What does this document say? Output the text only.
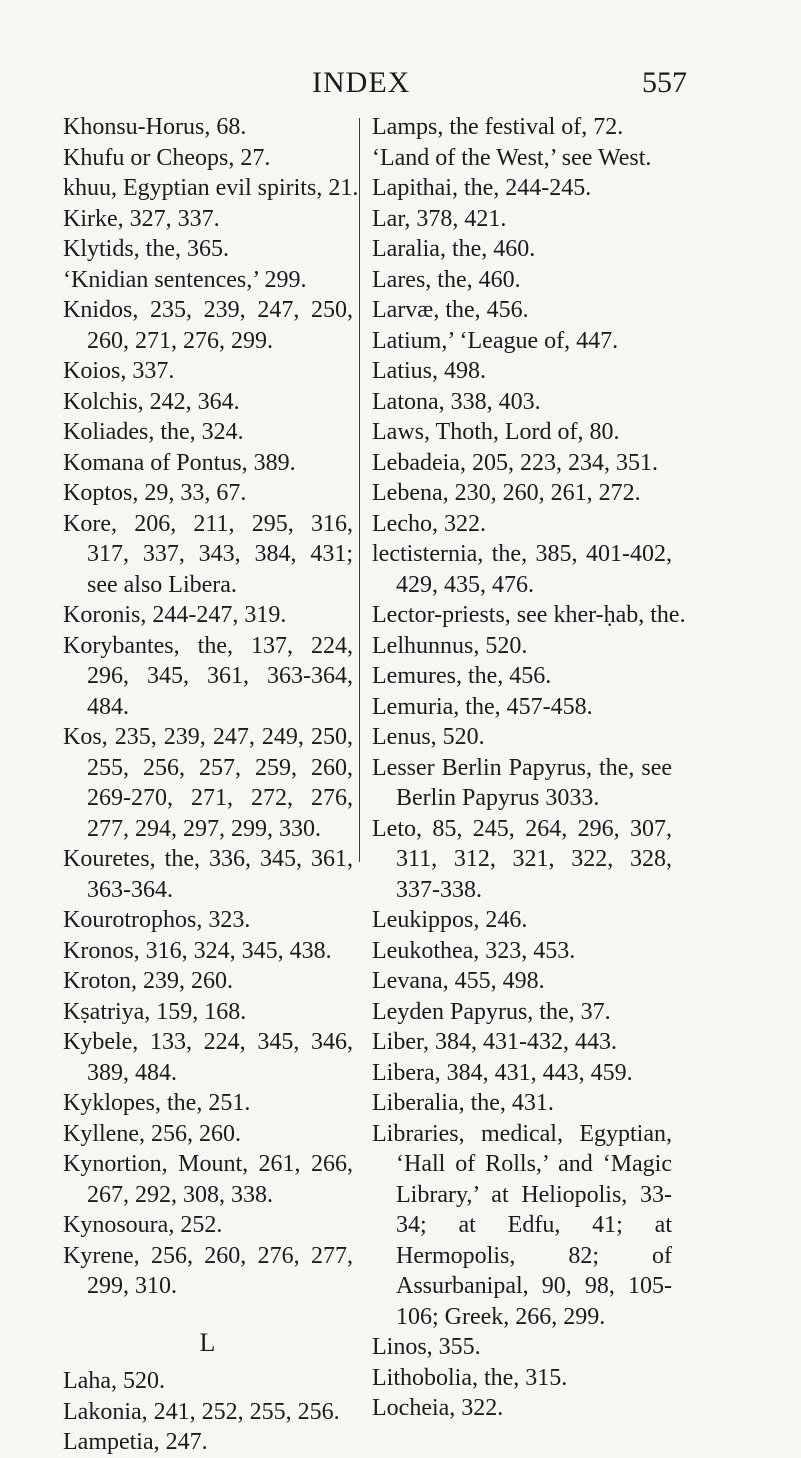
INDEX	557
Khonsu-Horus, 68.
Khufu or Cheops, 27.
khuu, Egyptian evil spirits, 21.
Kirke, 327, 337.
Klytids, the, 365.
‘Knidian sentences,’ 299.
Knidos, 235, 239, 247, 250, 260, 271, 276, 299.
Koios, 337.
Kolchis, 242, 364.
Koliades, the, 324.
Komana of Pontus, 389.
Koptos, 29, 33, 67.
Kore, 206, 211, 295, 316, 317, 337, 343, 384, 431; see also Libera.
Koronis, 244-247, 319.
Korybantes, the, 137, 224, 296, 345, 361, 363-364, 484.
Kos, 235, 239, 247, 249, 250, 255, 256, 257, 259, 260, 269-270, 271, 272, 276, 277, 294, 297, 299, 330.
Kouretes, the, 336, 345, 361, 363-364.
Kourotrophos, 323.
Kronos, 316, 324, 345, 438.
Kroton, 239, 260.
Kṣatriya, 159, 168.
Kybele, 133, 224, 345, 346, 389, 484.
Kyklopes, the, 251.
Kyllene, 256, 260.
Kynortion, Mount, 261, 266, 267, 292, 308, 338.
Kynosoura, 252.
Kyrene, 256, 260, 276, 277, 299, 310.
L
Laha, 520.
Lakonia, 241, 252, 255, 256.
Lampetia, 247.
Lamps, the festival of, 72.
‘Land of the West,’ see West.
Lapithai, the, 244-245.
Lar, 378, 421.
Laralia, the, 460.
Lares, the, 460.
Larvæ, the, 456.
Latium,’ ‘League of, 447.
Latius, 498.
Latona, 338, 403.
Laws, Thoth, Lord of, 80.
Lebadeia, 205, 223, 234, 351.
Lebena, 230, 260, 261, 272.
Lecho, 322.
lectisternia, the, 385, 401-402, 429, 435, 476.
Lector-priests, see kher-ḥab, the.
Lelhunnus, 520.
Lemures, the, 456.
Lemuria, the, 457-458.
Lenus, 520.
Lesser Berlin Papyrus, the, see Berlin Papyrus 3033.
Leto, 85, 245, 264, 296, 307, 311, 312, 321, 322, 328, 337-338.
Leukippos, 246.
Leukothea, 323, 453.
Levana, 455, 498.
Leyden Papyrus, the, 37.
Liber, 384, 431-432, 443.
Libera, 384, 431, 443, 459.
Liberalia, the, 431.
Libraries, medical, Egyptian, ‘Hall of Rolls,’ and ‘Magic Library,’ at Heliopolis, 33-34; at Edfu, 41; at Hermopolis, 82; of Assurbanipal, 90, 98, 105-106; Greek, 266, 299.
Linos, 355.
Lithobolia, the, 315.
Locheia, 322.
